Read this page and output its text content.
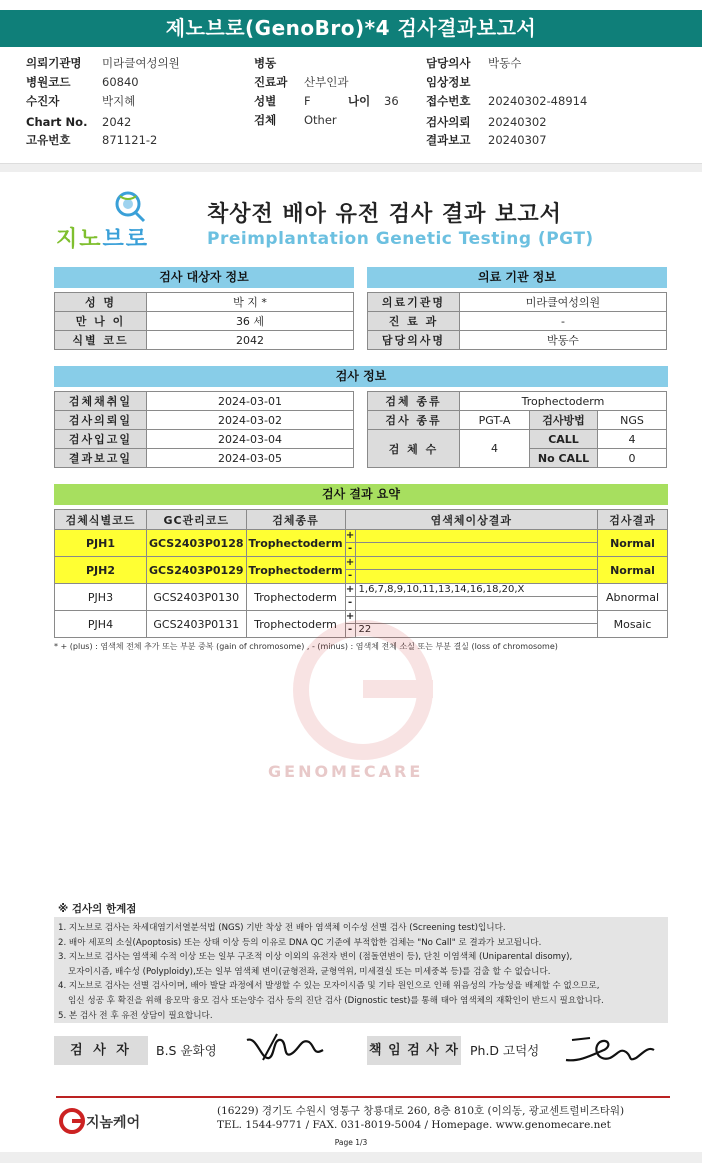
제노브로(GenoBro)*4 검사결과보고서
의뢰기관명 미라클여성의원
병원코드	60840
수진자	박지혜
Chart No. 2042
고유번호	871121-2
병동
진료과 산부인과
성별 F	나이 36
검체 Other
담당의사 박동수
임상정보
접수번호 20240302-48914
검사의뢰 20240302
결과보고 20240307
지노브로
착상전 배아 유전 검사 결과 보고서
Preimplantation Genetic Testing (PGT)
검사 대상자 정보
성 명	박 지 *
만 나 이	36 세
식별 코드	2042
의료 기관 정보
의료기관명	미라클여성의원
진 료 과	-
담당의사명	박동수
검사 정보
검체채취일	2024-03-01
검사의뢰일	2024-03-02
검사입고일	2024-03-04
결과보고일	2024-03-05
검체 종류	Trophectoderm		
검사 종류	PGT-A	검사방법	NGS
검 체 수	4	CALL	4
		No CALL	0
검사 결과 요약
검체식별코드	GC관리코드	검체종류	염색체이상결과	검사결과
PJH1	GCS2403P0128	Trophectoderm	+
-	Normal
PJH2	GCS2403P0129	Trophectoderm	+
-	Normal
PJH3	GCS2403P0130	Trophectoderm	+ 1,6,7,8,9,10,11,13,14,16,18,20,X
-	Abnormal
PJH4	GCS2403P0131	Trophectoderm	+
- 22	Mosaic
* + (plus) : 염색체 전체 추가 또는 부분 중복 (gain of chromosome) , - (minus) : 염색체 전체 소실 또는 부분 결실 (loss of chromosome)
GENOMECARE
※ 검사의 한계점

1. 지노브로 검사는 차세대염기서열분석법 (NGS) 기반 착상 전 배아 염색체 이수성 선별 검사 (Screening test)입니다.

2. 배아 세포의 소실(Apoptosis) 또는 상태 이상 등의 이유로 DNA QC 기준에 부적합한 검체는 "No Call" 로 결과가 보고됩니다.

3. 지노브로 검사는 염색체 수적 이상 또는 일부 구조적 이상 이외의 유전자 변이 (점돌연변이 등), 단친 이염색체 (Uniparental disomy),

모자이시즘, 배수성 (Polyploidy),또는 일부 염색체 변이(균형전좌, 균형역위, 미세결실 또는 미세중복 등)를 검출 할 수 없습니다.

4. 지노브로 검사는 선별 검사이며, 배아 발달 과정에서 발생할 수 있는 모자이시즘 및 기타 원인으로 인해 위음성의 가능성을 배제할 수 없으므로,

임신 성공 후 확진을 위해 융모막 융모 검사 또는양수 검사 등의 진단 검사 (Dignostic test)를 통해 태아 염색체의 재확인이 반드시 필요합니다.

5. 본 검사 전 후 유전 상담이 필요합니다.

검 사 자	B.S 윤화영	책 임 검 사 자 Ph.D 고덕성
지놈케어
(16229) 경기도 수원시 영통구 창룡대로 260, 8층 810호 (이의동, 광교센트럴비즈타워)
TEL. 1544-9771 / FAX. 031-8019-5004 / Homepage. www.genomecare.net
Page 1/3
